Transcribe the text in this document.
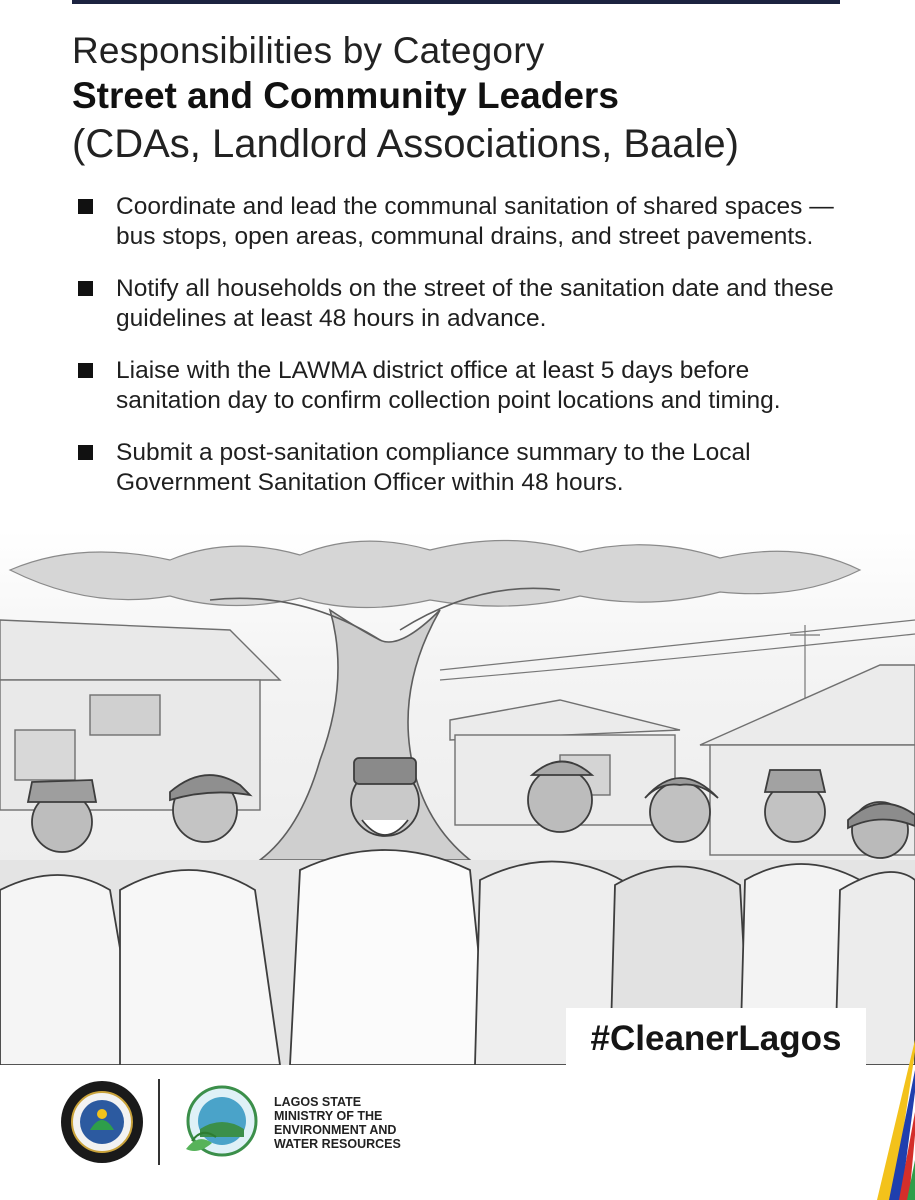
Responsibilities by Category
Street and Community Leaders
(CDAs, Landlord Associations, Baale)
Coordinate and lead the communal sanitation of shared spaces —
bus stops, open areas, communal drains, and street pavements.
Notify all households on the street of the sanitation date and these
guidelines at least 48 hours in advance.
Liaise with the LAWMA district office at least 5 days before
sanitation day to confirm collection point locations and timing.
Submit a post-sanitation compliance summary to the Local
Government Sanitation Officer within 48 hours.
#CleanerLagos
LAGOS STATE
MINISTRY OF THE
ENVIRONMENT AND
WATER RESOURCES
